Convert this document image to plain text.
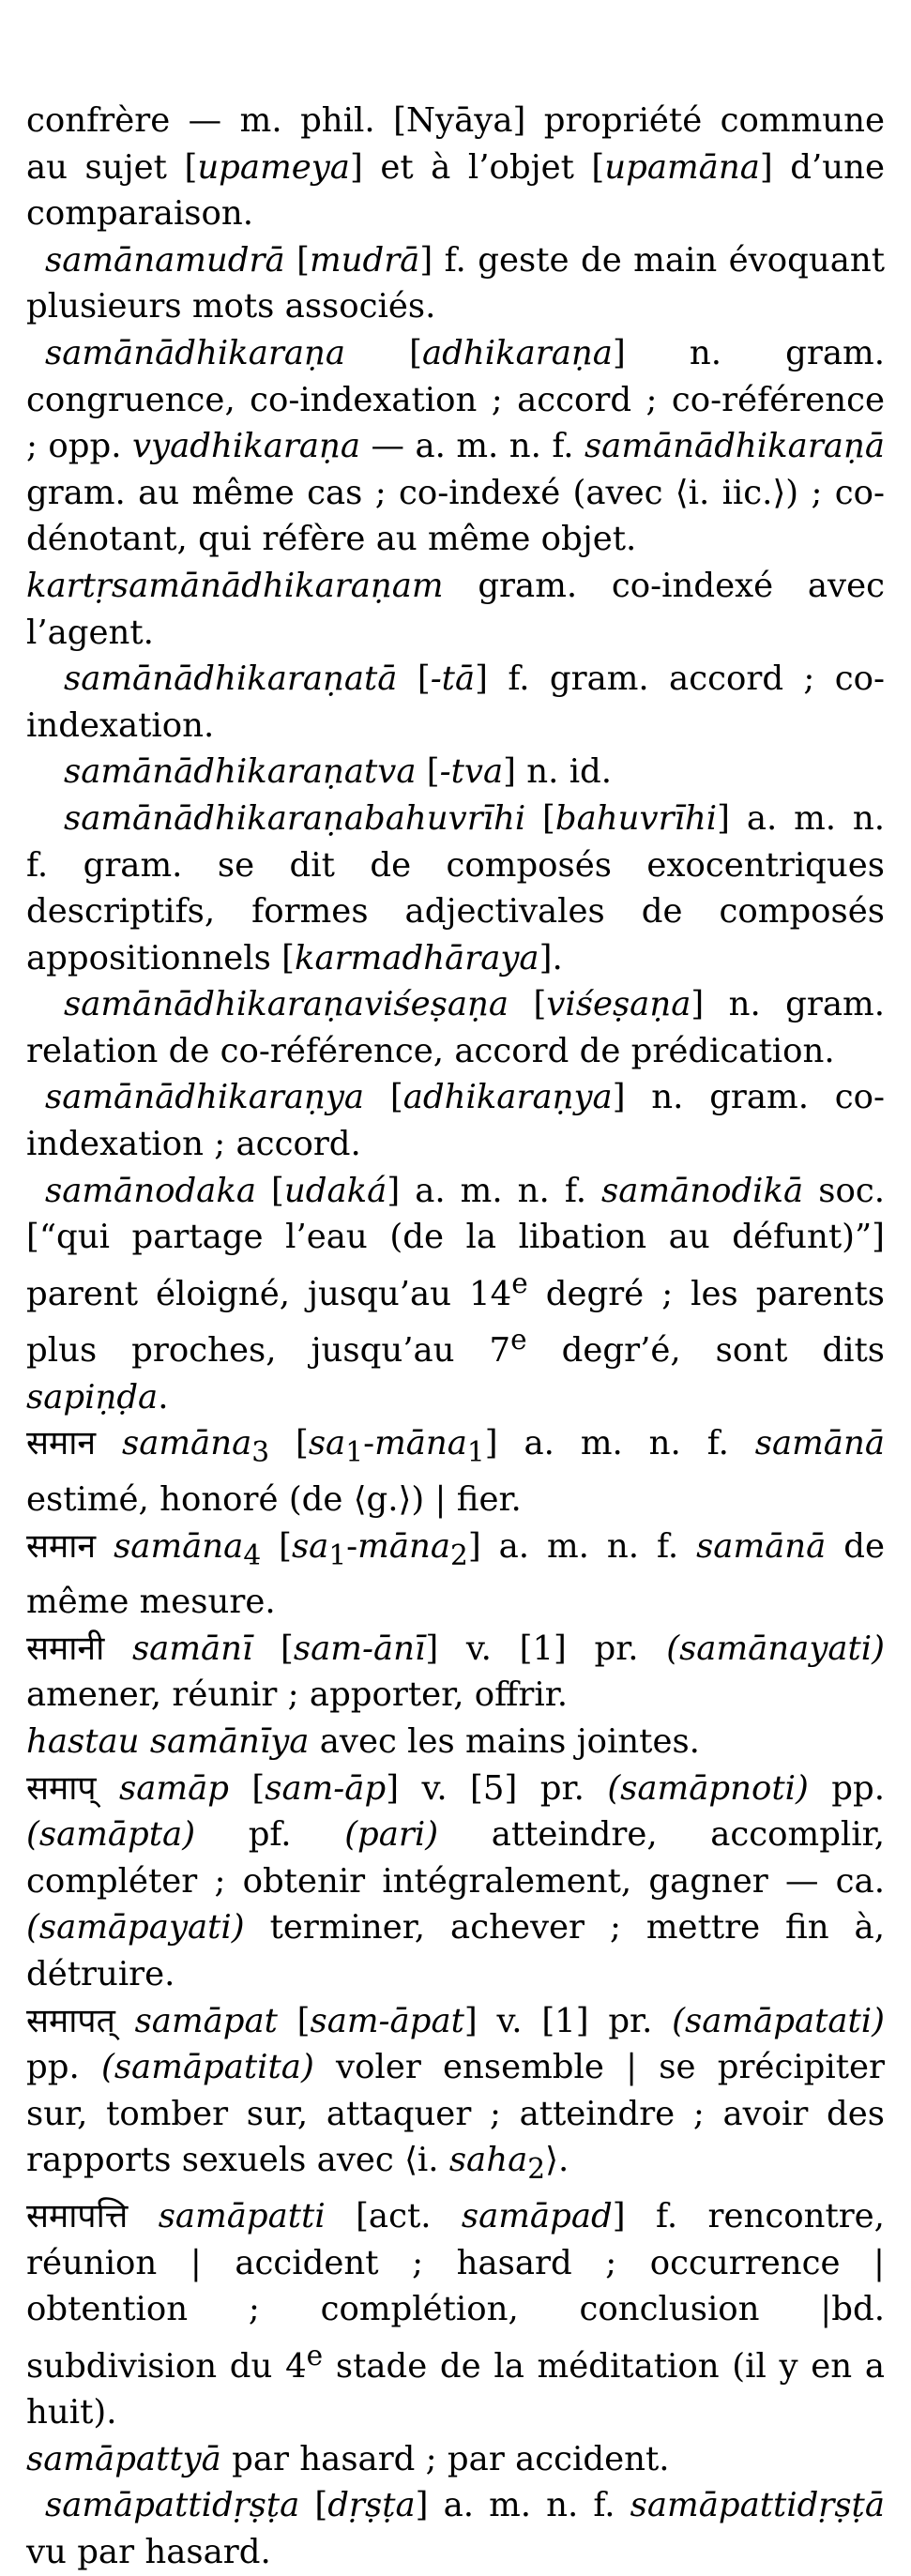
confrère — m. phil. [Nyāya] propriété commune au sujet [upameya] et à l’objet [upamāna] d’une comparaison.

samānamudrā [mudrā] f. geste de main évoquant plusieurs mots associés.

samānādhikaraṇa [adhikaraṇa] n. gram. congruence, co-indexation ; accord ; co-référence ; opp. vyadhikaraṇa — a. m. n. f. samānādhikaraṇā gram. au même cas ; co-indexé (avec ⟨i. iic.⟩) ; co-dénotant, qui réfère au même objet.

kartṛsamānādhikaraṇam gram. co-indexé avec l’agent.

samānādhikaraṇatā [-tā] f. gram. accord ; co-indexation.

samānādhikaraṇatva [-tva] n. id.

samānādhikaraṇabahuvrīhi [bahuvrīhi] a. m. n. f. gram. se dit de composés exocentriques descriptifs, formes adjectivales de composés appositionnels [karmadhāraya].

samānādhikaraṇaviśeṣaṇa [viśeṣaṇa] n. gram. relation de co-référence, accord de prédication.

samānādhikaraṇya [adhikaraṇya] n. gram. co-indexation ; accord.

samānodaka [udaká] a. m. n. f. samānodikā soc. [“qui partage l’eau (de la libation au défunt)”] parent éloigné, jusqu’au 14e degré ; les parents plus proches, jusqu’au 7e degr’é, sont dits sapiṇḍa.

समान samāna$_3$ $[sa_1-māna_1]$ a. m. n. f. samānā estimé, honoré (de ⟨g.⟩) | fier.

समान samāna$_4$ $[sa_1-māna_2]$ a. m. n. f. samānā de même mesure.

समानी samānī [sam-ānī] v. [1] pr. (samānayati) amener, réunir ; apporter, offrir.

hastau samānīya avec les mains jointes.

समाप् samāp [sam-āp] v. [5] pr. (samāpnoti) pp. (samāpta) pf. (pari) atteindre, accomplir, compléter ; obtenir intégralement, gagner — ca. (samāpayati) terminer, achever ; mettre fin à, détruire.

समापत् samāpat [sam-āpat] v. [1] pr. (samāpatati) pp. (samāpatita) voler ensemble | se précipiter sur, tomber sur, attaquer ; atteindre ; avoir des rapports sexuels avec ⟨i. saha$_2$⟩.

समापत्ति samāpatti [act. samāpad] f. rencontre, réunion | accident ; hasard ; occurrence | obtention ; complétion, conclusion |bd. subdivision du 4e stade de la méditation (il y en a huit).

samāpattyā par hasard ; par accident.

samāpattidṛṣṭa [dṛṣṭa] a. m. n. f. samāpattidṛṣṭā vu par hasard.
